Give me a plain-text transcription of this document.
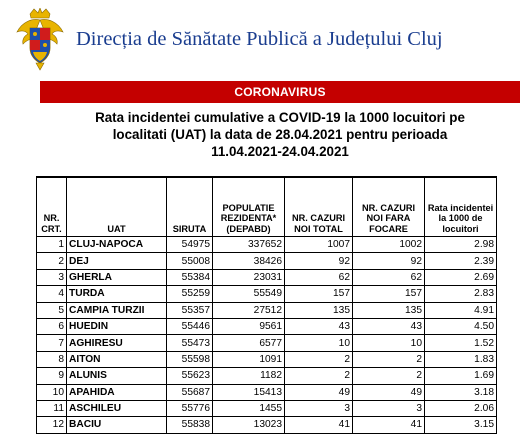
Direcția de Sănătate Publică a Județului Cluj
CORONAVIRUS
Rata incidentei cumulative a COVID-19 la 1000 locuitori pe
localitati (UAT) la data de 28.04.2021 pentru perioada
11.04.2021-24.04.2021
NR. CRT.	UAT	SIRUTA	POPULATIE REZIDENTA* (DEPABD)	NR. CAZURI NOI TOTAL	NR. CAZURI NOI FARA FOCARE	Rata incidentei la 1000 de locuitori
1	CLUJ-NAPOCA	54975	337652	1007	1002	2.98
2	DEJ	55008	38426	92	92	2.39
3	GHERLA	55384	23031	62	62	2.69
4	TURDA	55259	55549	157	157	2.83
5	CAMPIA TURZII	55357	27512	135	135	4.91
6	HUEDIN	55446	9561	43	43	4.50
7	AGHIRESU	55473	6577	10	10	1.52
8	AITON	55598	1091	2	2	1.83
9	ALUNIS	55623	1182	2	2	1.69
10	APAHIDA	55687	15413	49	49	3.18
11	ASCHILEU	55776	1455	3	3	2.06
12	BACIU	55838	13023	41	41	3.15
